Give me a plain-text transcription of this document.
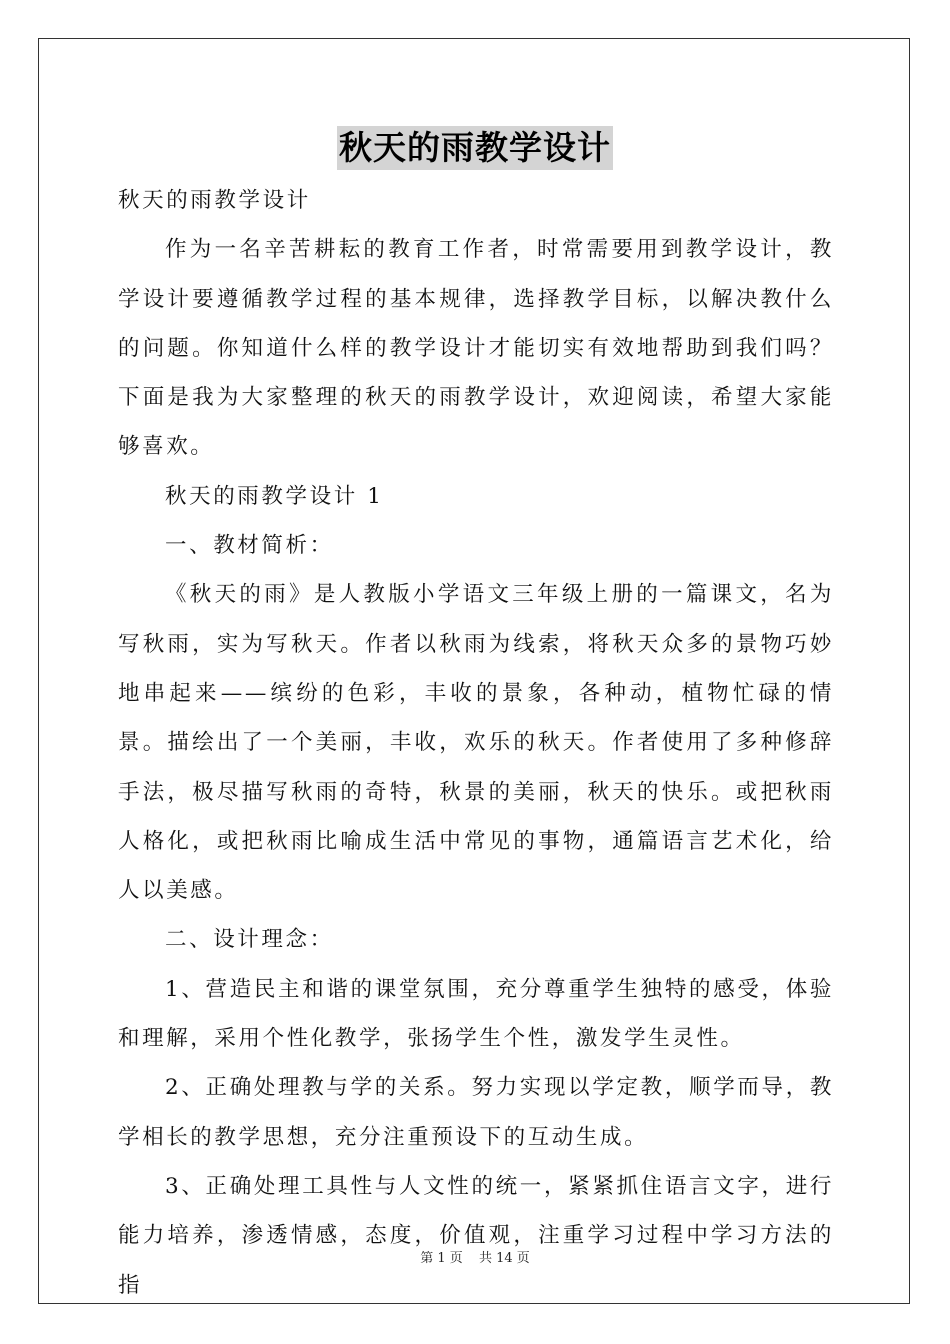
秋天的雨教学设计

秋天的雨教学设计

作为一名辛苦耕耘的教育工作者，时常需要用到教学设计，教学设计要遵循教学过程的基本规律，选择教学目标，以解决教什么的问题。你知道什么样的教学设计才能切实有效地帮助到我们吗？下面是我为大家整理的秋天的雨教学设计，欢迎阅读，希望大家能够喜欢。

秋天的雨教学设计 1

一、教材简析：

《秋天的雨》是人教版小学语文三年级上册的一篇课文，名为写秋雨，实为写秋天。作者以秋雨为线索，将秋天众多的景物巧妙地串起来——缤纷的色彩，丰收的景象，各种动，植物忙碌的情景。描绘出了一个美丽，丰收，欢乐的秋天。作者使用了多种修辞手法，极尽描写秋雨的奇特，秋景的美丽，秋天的快乐。或把秋雨人格化，或把秋雨比喻成生活中常见的事物，通篇语言艺术化，给人以美感。

二、设计理念：

1、营造民主和谐的课堂氛围，充分尊重学生独特的感受，体验和理解，采用个性化教学，张扬学生个性，激发学生灵性。

2、正确处理教与学的关系。努力实现以学定教，顺学而导，教学相长的教学思想，充分注重预设下的互动生成。

3、正确处理工具性与人文性的统一，紧紧抓住语言文字，进行能力培养，渗透情感，态度，价值观，注重学习过程中学习方法的指

第 1 页 共 14 页
